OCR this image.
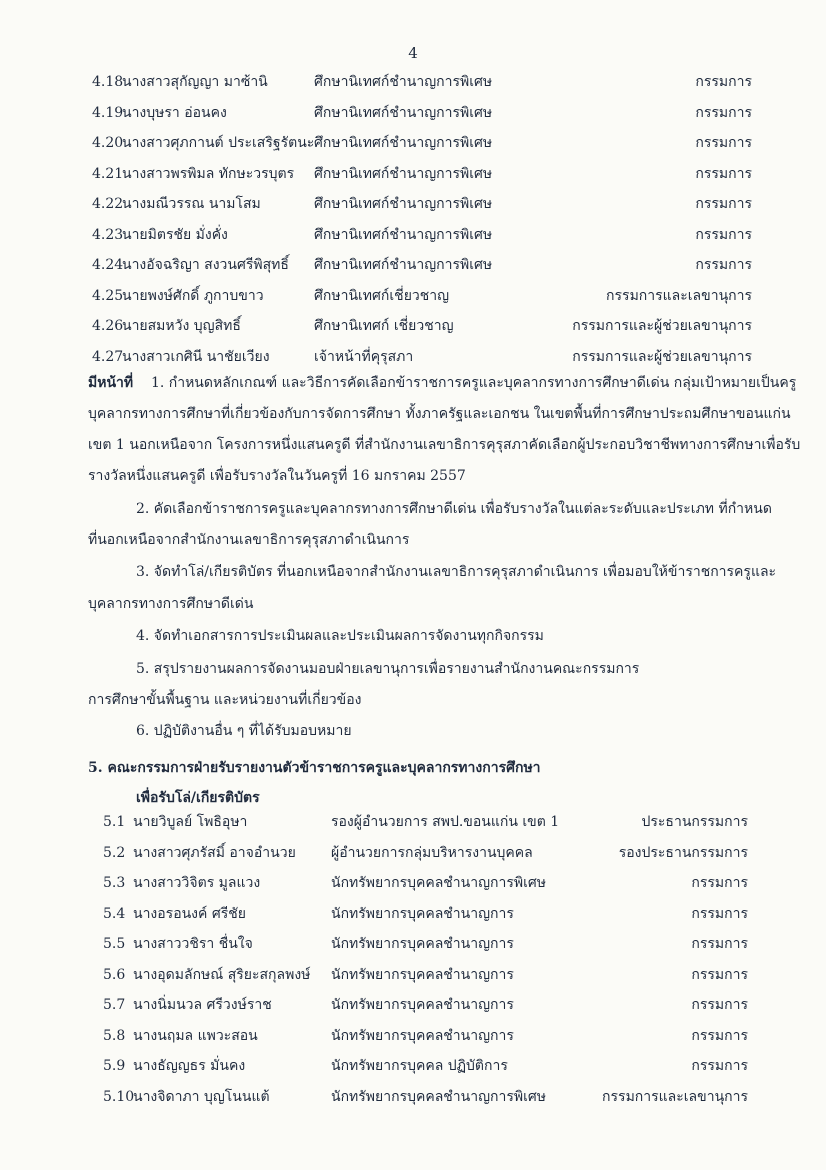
4
4.18
นางสาวสุกัญญา มาซ้านิ	ศึกษานิเทศก์ชำนาญการพิเศษ	กรรมการ
4.19
นางบุษรา อ่อนคง	ศึกษานิเทศก์ชำนาญการพิเศษ	กรรมการ
4.20
นางสาวศุภกานต์ ประเสริฐรัตนะ ศึกษานิเทศก์ชำนาญการพิเศษ	กรรมการ
4.21
นางสาวพรพิมล ทักษะวรบุตร ศึกษานิเทศก์ชำนาญการพิเศษ	กรรมการ
4.22
นางมณีวรรณ นามโสม	ศึกษานิเทศก์ชำนาญการพิเศษ	กรรมการ
4.23
นายมิตรชัย มั่งคั่ง	ศึกษานิเทศก์ชำนาญการพิเศษ	กรรมการ
4.24
นางอัจฉริญา สงวนศรีพิสุทธิ์ ศึกษานิเทศก์ชำนาญการพิเศษ	กรรมการ
4.25
นายพงษ์ศักดิ์ ภูกาบขาว	ศึกษานิเทศก์เชี่ยวชาญ	กรรมการและเลขานุการ
4.26
นายสมหวัง บุญสิทธิ์	ศึกษานิเทศก์ เชี่ยวชาญ	กรรมการและผู้ช่วยเลขานุการ
4.27
นางสาวเกศินี นาชัยเวียง	เจ้าหน้าที่คุรุสภา	กรรมการและผู้ช่วยเลขานุการ
มีหน้าที่ 1. กำหนดหลักเกณฑ์ และวิธีการคัดเลือกข้าราชการครูและบุคลากรทางการศึกษาดีเด่น กลุ่มเป้าหมายเป็นครู
บุคลากรทางการศึกษาที่เกี่ยวข้องกับการจัดการศึกษา ทั้งภาครัฐและเอกชน ในเขตพื้นที่การศึกษาประถมศึกษาขอนแก่น
เขต 1 นอกเหนือจาก โครงการหนึ่งแสนครูดี ที่สำนักงานเลขาธิการคุรุสภาคัดเลือกผู้ประกอบวิชาชีพทางการศึกษาเพื่อรับ
รางวัลหนึ่งแสนครูดี เพื่อรับรางวัลในวันครูที่ 16 มกราคม 2557
2. คัดเลือกข้าราชการครูและบุคลากรทางการศึกษาดีเด่น เพื่อรับรางวัลในแต่ละระดับและประเภท ที่กำหนด
ที่นอกเหนือจากสำนักงานเลขาธิการคุรุสภาดำเนินการ
3. จัดทำโล่/เกียรติบัตร ที่นอกเหนือจากสำนักงานเลขาธิการคุรุสภาดำเนินการ เพื่อมอบให้ข้าราชการครูและ
บุคลากรทางการศึกษาดีเด่น
4. จัดทำเอกสารการประเมินผลและประเมินผลการจัดงานทุกกิจกรรม
5. สรุปรายงานผลการจัดงานมอบฝ่ายเลขานุการเพื่อรายงานสำนักงานคณะกรรมการ
การศึกษาขั้นพื้นฐาน และหน่วยงานที่เกี่ยวข้อง
6. ปฏิบัติงานอื่น ๆ ที่ได้รับมอบหมาย
5. คณะกรรมการฝ่ายรับรายงานตัวข้าราชการครูและบุคลากรทางการศึกษา
เพื่อรับโล่/เกียรติบัตร
5.1 นายวิบูลย์ โพธิอุษา	รองผู้อำนวยการ สพป.ขอนแก่น เขต 1	ประธานกรรมการ
5.2 นางสาวศุภรัสมิ์ อาจอำนวย	ผู้อำนวยการกลุ่มบริหารงานบุคคล	รองประธานกรรมการ
5.3 นางสาววิจิตร มูลแวง	นักทรัพยากรบุคคลชำนาญการพิเศษ	กรรมการ
5.4 นางอรอนงค์ ศรีชัย	นักทรัพยากรบุคคลชำนาญการ	กรรมการ
5.5 นางสาววชิรา ชื่นใจ	นักทรัพยากรบุคคลชำนาญการ	กรรมการ
5.6 นางอุดมลักษณ์ สุริยะสกุลพงษ์ นักทรัพยากรบุคคลชำนาญการ	กรรมการ
5.7 นางนิ่มนวล ศรีวงษ์ราช	นักทรัพยากรบุคคลชำนาญการ	กรรมการ
5.8 นางนฤมล แพวะสอน	นักทรัพยากรบุคคลชำนาญการ	กรรมการ
5.9 นางธัญญธร มั่นคง	นักทรัพยากรบุคคล ปฏิบัติการ	กรรมการ
5.10
นางจิดาภา บุญโนนแต้	นักทรัพยากรบุคคลชำนาญการพิเศษ	กรรมการและเลขานุการ
